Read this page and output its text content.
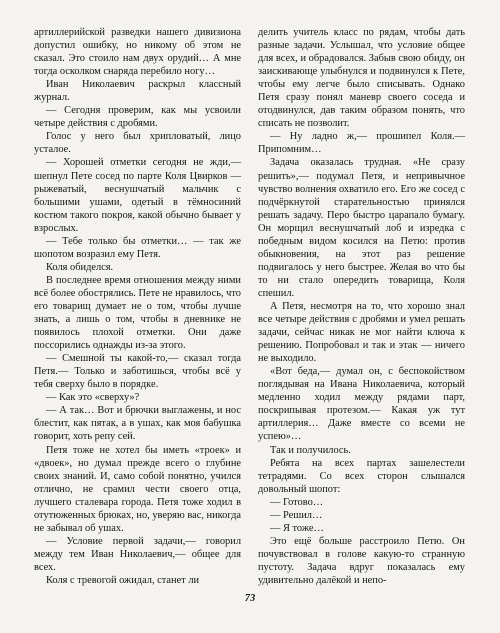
артиллерийской разведки нашего дивизиона допустил ошибку, но никому об этом не сказал. Это стоило нам двух орудий… А мне тогда осколком снаряда перебило ногу…

Иван Николаевич раскрыл классный журнал.

— Сегодня проверим, как мы усвоили четыре действия с дробями.

Голос у него был хрипловатый, лицо усталое.

— Хорошей отметки сегодня не жди,— шепнул Пете сосед по парте Коля Цвирков — рыжеватый, веснушчатый мальчик с большими ушами, одетый в тёмносиний костюм такого покроя, какой обычно бывает у взрослых.

— Тебе только бы отметки… — так же шопотом возразил ему Петя.

Коля обиделся.

В последнее время отношения между ними всё более обострялись. Пете не нравилось, что его товарищ думает не о том, чтобы лучше знать, а лишь о том, чтобы в дневнике не появилось плохой отметки. Они даже поссорились однажды из-за этого.

— Смешной ты какой-то,— сказал тогда Петя.— Только и заботишься, чтобы всё у тебя сверху было в порядке.

— Как это «сверху»?

— А так… Вот и брючки выглажены, и нос блестит, как пятак, а в ушах, как моя бабушка говорит, хоть репу сей.

Петя тоже не хотел бы иметь «троек» и «двоек», но думал прежде всего о глубине своих знаний. И, само собой понятно, учился отлично, не срамил чести своего отца, лучшего сталевара города. Петя тоже ходил в отутюженных брюках, но, уверяю вас, никогда не забывал об ушах.

— Условие первой задачи,— говорил между тем Иван Николаевич,— общее для всех.

Коля с тревогой ожидал, станет ли

делить учитель класс по рядам, чтобы дать разные задачи. Услышал, что условие общее для всех, и обрадовался. Забыв свою обиду, он заискивающе улыбнулся и подвинулся к Пете, чтобы ему легче было списывать. Однако Петя сразу понял маневр своего соседа и отодвинулся, дав таким образом понять, что списать не позволит.

— Ну ладно ж,— прошипел Коля.— Припомним…

Задача оказалась трудная. «Не сразу решить»,— подумал Петя, и непривычное чувство волнения охватило его. Его же сосед с подчёркнутой старательностью принялся решать задачу. Перо быстро царапало бумагу. Он морщил веснушчатый лоб и изредка с победным видом косился на Петю: против обыкновения, на этот раз решение подвигалось у него быстрее. Желая во что бы то ни стало опередить товарища, Коля спешил.

А Петя, несмотря на то, что хорошо знал все четыре действия с дробями и умел решать задачи, сейчас никак не мог найти ключа к решению. Попробовал и так и этак — ничего не выходило.

«Вот беда,— думал он, с беспокойством поглядывая на Ивана Николаевича, который медленно ходил между рядами парт, поскрипывая протезом.— Какая уж тут артиллерия… Даже вместе со всеми не успею»…

Так и получилось.

Ребята на всех партах зашелестели тетрадями. Со всех сторон слышался довольный шопот:

— Готово…

— Решил…

— Я тоже…

Это ещё больше расстроило Петю. Он почувствовал в голове какую-то странную пустоту. Задача вдруг показалась ему удивительно далёкой и непо-

73
